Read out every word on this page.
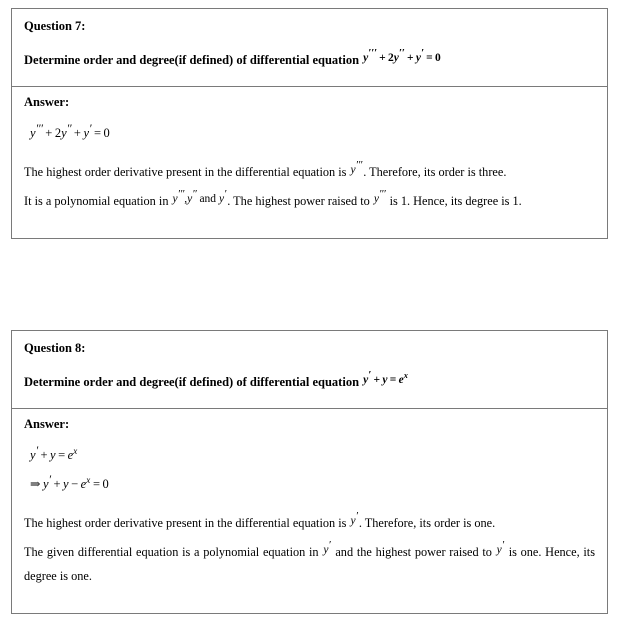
Question 7:
Determine order and degree(if defined) of differential equation y′′′ + 2y′′ + y′ = 0
Answer:
y′′′ + 2y′′ + y′ = 0
The highest order derivative present in the differential equation is y′′′. Therefore, its order is three.
It is a polynomial equation in y′′′,y′′ and y′. The highest power raised to y′′′ is 1. Hence, its degree is 1.
Question 8:
Determine order and degree(if defined) of differential equation $y' + y = e^x$
Answer:
$y' + y = e^x$
⇒ $y' + y - e^x = 0$
The highest order derivative present in the differential equation is y′. Therefore, its order is one.
The given differential equation is a polynomial equation in y′ and the highest power raised to y′ is one. Hence, its degree is one.
